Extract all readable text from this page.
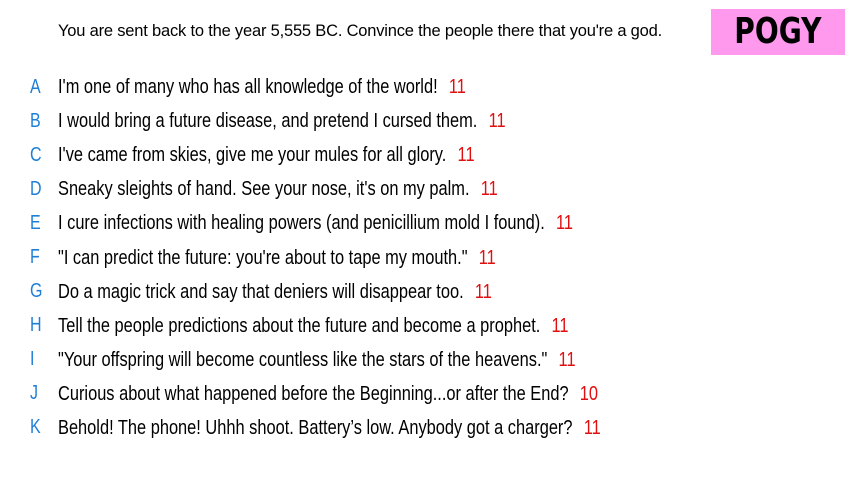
You are sent back to the year 5,555 BC. Convince the people there that you're a god. POGY
A I'm one of many who has all knowledge of the world! 11
B I would bring a future disease, and pretend I cursed them. 11
C I've came from skies, give me your mules for all glory. 11
D Sneaky sleights of hand. See your nose, it's on my palm. 11
E I cure infections with healing powers (and penicillium mold I found). 11
F "I can predict the future: you're about to tape my mouth." 11
G Do a magic trick and say that deniers will disappear too. 11
H Tell the people predictions about the future and become a prophet. 11
I	"Your offspring will become countless like the stars of the heavens." 11
J Curious about what happened before the Beginning...or after the End? 10
K Behold! The phone! Uhhh shoot. Battery’s low. Anybody got a charger? 11
